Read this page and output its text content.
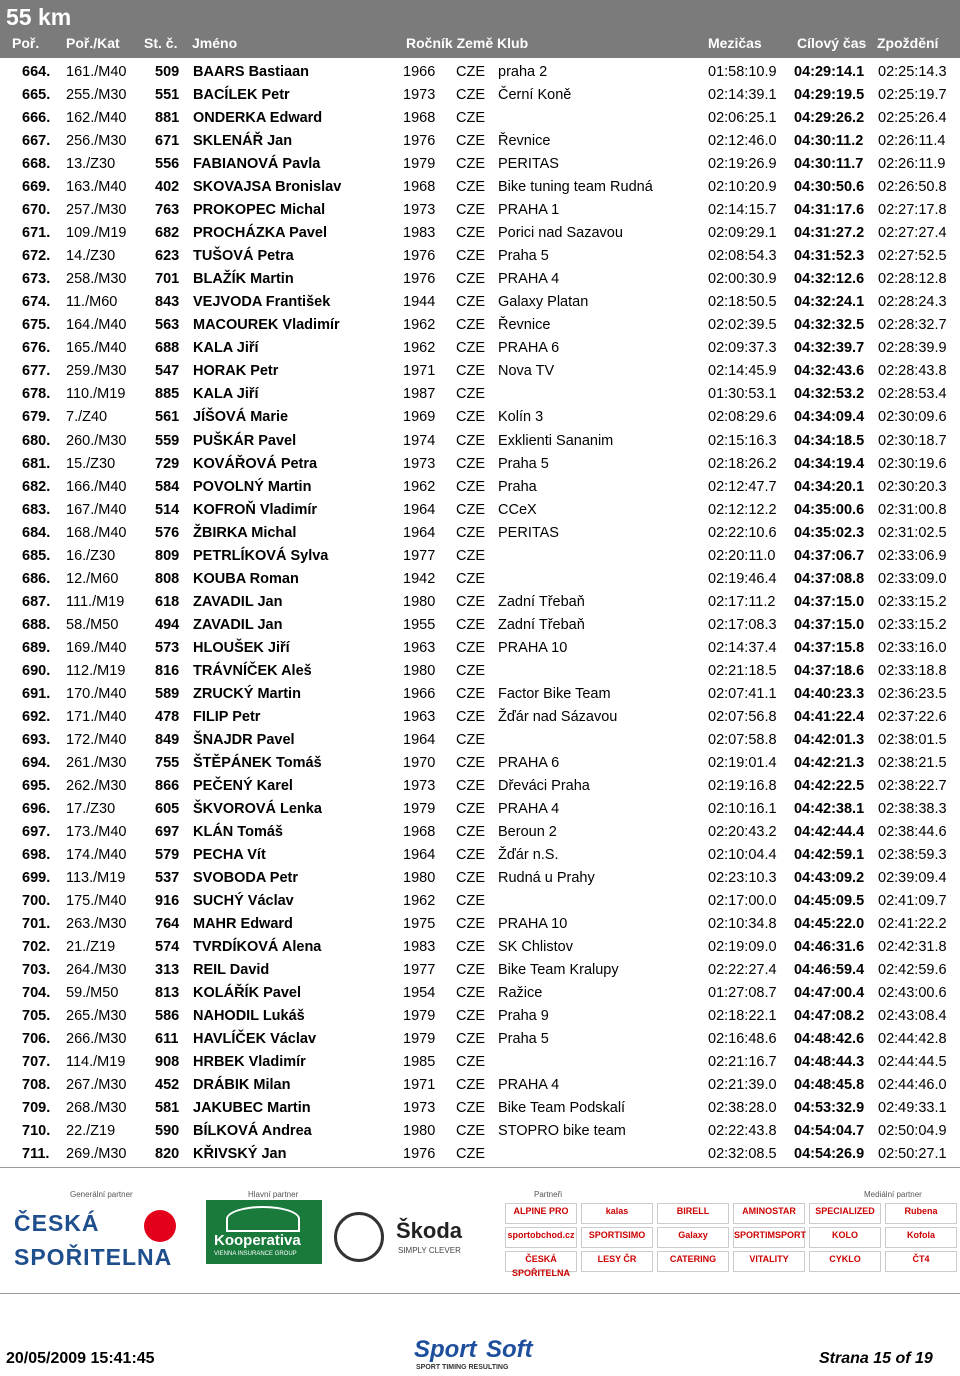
55 km
Poř. Poř./Kat St. č. Jméno	Ročník Země Klub	Mezičas	Cílový čas Zpoždění
664. 161./M40 509 BAARS Bastiaan	1966 CZE praha 2	01:58:10.9 04:29:14.1 02:25:14.3
665. 255./M30 551 BACÍLEK Petr	1973 CZE Černí Koně	02:14:39.1 04:29:19.5 02:25:19.7
666. 162./M40 881 ONDERKA Edward	1968 CZE	02:06:25.1 04:29:26.2 02:25:26.4
667. 256./M30 671 SKLENÁŘ Jan	1976 CZE Řevnice	02:12:46.0 04:30:11.2 02:26:11.4
668. 13./Z30	556 FABIANOVÁ Pavla	1979 CZE PERITAS	02:19:26.9 04:30:11.7 02:26:11.9
669. 163./M40 402 SKOVAJSA Bronislav	1968 CZE Bike tuning team Rudná	02:10:20.9 04:30:50.6 02:26:50.8
670. 257./M30 763 PROKOPEC Michal	1973 CZE PRAHA 1	02:14:15.7 04:31:17.6 02:27:17.8
671. 109./M19 682 PROCHÁZKA Pavel	1983 CZE Porici nad Sazavou	02:09:29.1 04:31:27.2 02:27:27.4
672. 14./Z30	623 TUŠOVÁ Petra	1976 CZE Praha 5	02:08:54.3 04:31:52.3 02:27:52.5
673. 258./M30 701 BLAŽÍK Martin	1976 CZE PRAHA 4	02:00:30.9 04:32:12.6 02:28:12.8
674. 11./M60	843 VEJVODA František	1944 CZE Galaxy Platan	02:18:50.5 04:32:24.1 02:28:24.3
675. 164./M40 563 MACOUREK Vladimír	1962 CZE Řevnice	02:02:39.5 04:32:32.5 02:28:32.7
676. 165./M40 688 KALA Jiří	1962 CZE PRAHA 6	02:09:37.3 04:32:39.7 02:28:39.9
677. 259./M30 547 HORAK Petr	1971 CZE Nova TV	02:14:45.9 04:32:43.6 02:28:43.8
678. 110./M19 885 KALA Jiří	1987 CZE	01:30:53.1 04:32:53.2 02:28:53.4
679. 7./Z40	561 JÍŠOVÁ Marie	1969 CZE Kolín 3	02:08:29.6 04:34:09.4 02:30:09.6
680. 260./M30 559 PUŠKÁR Pavel	1974 CZE Exklienti Sananim	02:15:16.3 04:34:18.5 02:30:18.7
681. 15./Z30	729 KOVÁŘOVÁ Petra	1973 CZE Praha 5	02:18:26.2 04:34:19.4 02:30:19.6
682. 166./M40 584 POVOLNÝ Martin	1962 CZE Praha	02:12:47.7 04:34:20.1 02:30:20.3
683. 167./M40 514 KOFROŇ Vladimír	1964 CZE CCeX	02:12:12.2 04:35:00.6 02:31:00.8
684. 168./M40 576 ŽBIRKA Michal	1964 CZE PERITAS	02:22:10.6 04:35:02.3 02:31:02.5
685. 16./Z30	809 PETRLÍKOVÁ Sylva	1977 CZE	02:20:11.0 04:37:06.7 02:33:06.9
686. 12./M60	808 KOUBA Roman	1942 CZE	02:19:46.4 04:37:08.8 02:33:09.0
687. 111./M19 618 ZAVADIL Jan	1980 CZE Zadní Třebaň	02:17:11.2 04:37:15.0 02:33:15.2
688. 58./M50	494 ZAVADIL Jan	1955 CZE Zadní Třebaň	02:17:08.3 04:37:15.0 02:33:15.2
689. 169./M40 573 HLOUŠEK Jiří	1963 CZE PRAHA 10	02:14:37.4 04:37:15.8 02:33:16.0
690. 112./M19 816 TRÁVNÍČEK Aleš	1980 CZE	02:21:18.5 04:37:18.6 02:33:18.8
691. 170./M40 589 ZRUCKÝ Martin	1966 CZE Factor Bike Team	02:07:41.1 04:40:23.3 02:36:23.5
692. 171./M40 478 FILIP Petr	1963 CZE Žďár nad Sázavou	02:07:56.8 04:41:22.4 02:37:22.6
693. 172./M40 849 ŠNAJDR Pavel	1964 CZE	02:07:58.8 04:42:01.3 02:38:01.5
694. 261./M30 755 ŠTĚPÁNEK Tomáš	1970 CZE PRAHA 6	02:19:01.4 04:42:21.3 02:38:21.5
695. 262./M30 866 PEČENÝ Karel	1973 CZE Dřeváci Praha	02:19:16.8 04:42:22.5 02:38:22.7
696. 17./Z30	605 ŠKVOROVÁ Lenka	1979 CZE PRAHA 4	02:10:16.1 04:42:38.1 02:38:38.3
697. 173./M40 697 KLÁN Tomáš	1968 CZE Beroun 2	02:20:43.2 04:42:44.4 02:38:44.6
698. 174./M40 579 PECHA Vít	1964 CZE Žďár n.S.	02:10:04.4 04:42:59.1 02:38:59.3
699. 113./M19 537 SVOBODA Petr	1980 CZE Rudná u Prahy	02:23:10.3 04:43:09.2 02:39:09.4
700. 175./M40 916 SUCHÝ Václav	1962 CZE	02:17:00.0 04:45:09.5 02:41:09.7
701. 263./M30 764 MAHR Edward	1975 CZE PRAHA 10	02:10:34.8 04:45:22.0 02:41:22.2
702. 21./Z19	574 TVRDÍKOVÁ Alena	1983 CZE SK Chlistov	02:19:09.0 04:46:31.6 02:42:31.8
703. 264./M30 313 REIL David	1977 CZE Bike Team Kralupy	02:22:27.4 04:46:59.4 02:42:59.6
704. 59./M50	813 KOLÁŘÍK Pavel	1954 CZE Ražice	01:27:08.7 04:47:00.4 02:43:00.6
705. 265./M30 586 NAHODIL Lukáš	1979 CZE Praha 9	02:18:22.1 04:47:08.2 02:43:08.4
706. 266./M30 611 HAVLÍČEK Václav	1979 CZE Praha 5	02:16:48.6 04:48:42.6 02:44:42.8
707. 114./M19 908 HRBEK Vladimír	1985 CZE	02:21:16.7 04:48:44.3 02:44:44.5
708. 267./M30 452 DRÁBIK Milan	1971 CZE PRAHA 4	02:21:39.0 04:48:45.8 02:44:46.0
709. 268./M30 581 JAKUBEC Martin	1973 CZE Bike Team Podskalí	02:38:28.0 04:53:32.9 02:49:33.1
710. 22./Z19	590 BÍLKOVÁ Andrea	1980 CZE STOPRO bike team	02:22:43.8 04:54:04.7 02:50:04.9
711. 269./M30 820 KŘIVSKÝ Jan	1976 CZE	02:32:08.5 04:54:26.9 02:50:27.1
Generální partner	Hlavní partner	Partneři	Mediální partner
ČESKÁ
SPOŘITELNA
Kooperativa
VIENNA INSURANCE GROUP
Škoda
SIMPLY CLEVER
ALPINE PRO	kalas	BIRELL	AMINOSTAR	SPECIALIZED	Rubena
sportobchod.cz	SPORTISIMO	Galaxy	SPORTIMSPORT	KOLO	Kofola
ČESKÁ SPOŘITELNA
LESY ČR	CATERING	VITALITY	CYKLO	ČT4
20/05/2009 15:41:45	Sport Soft
SPORT TIMING RESULTING
Strana 15 of 19
